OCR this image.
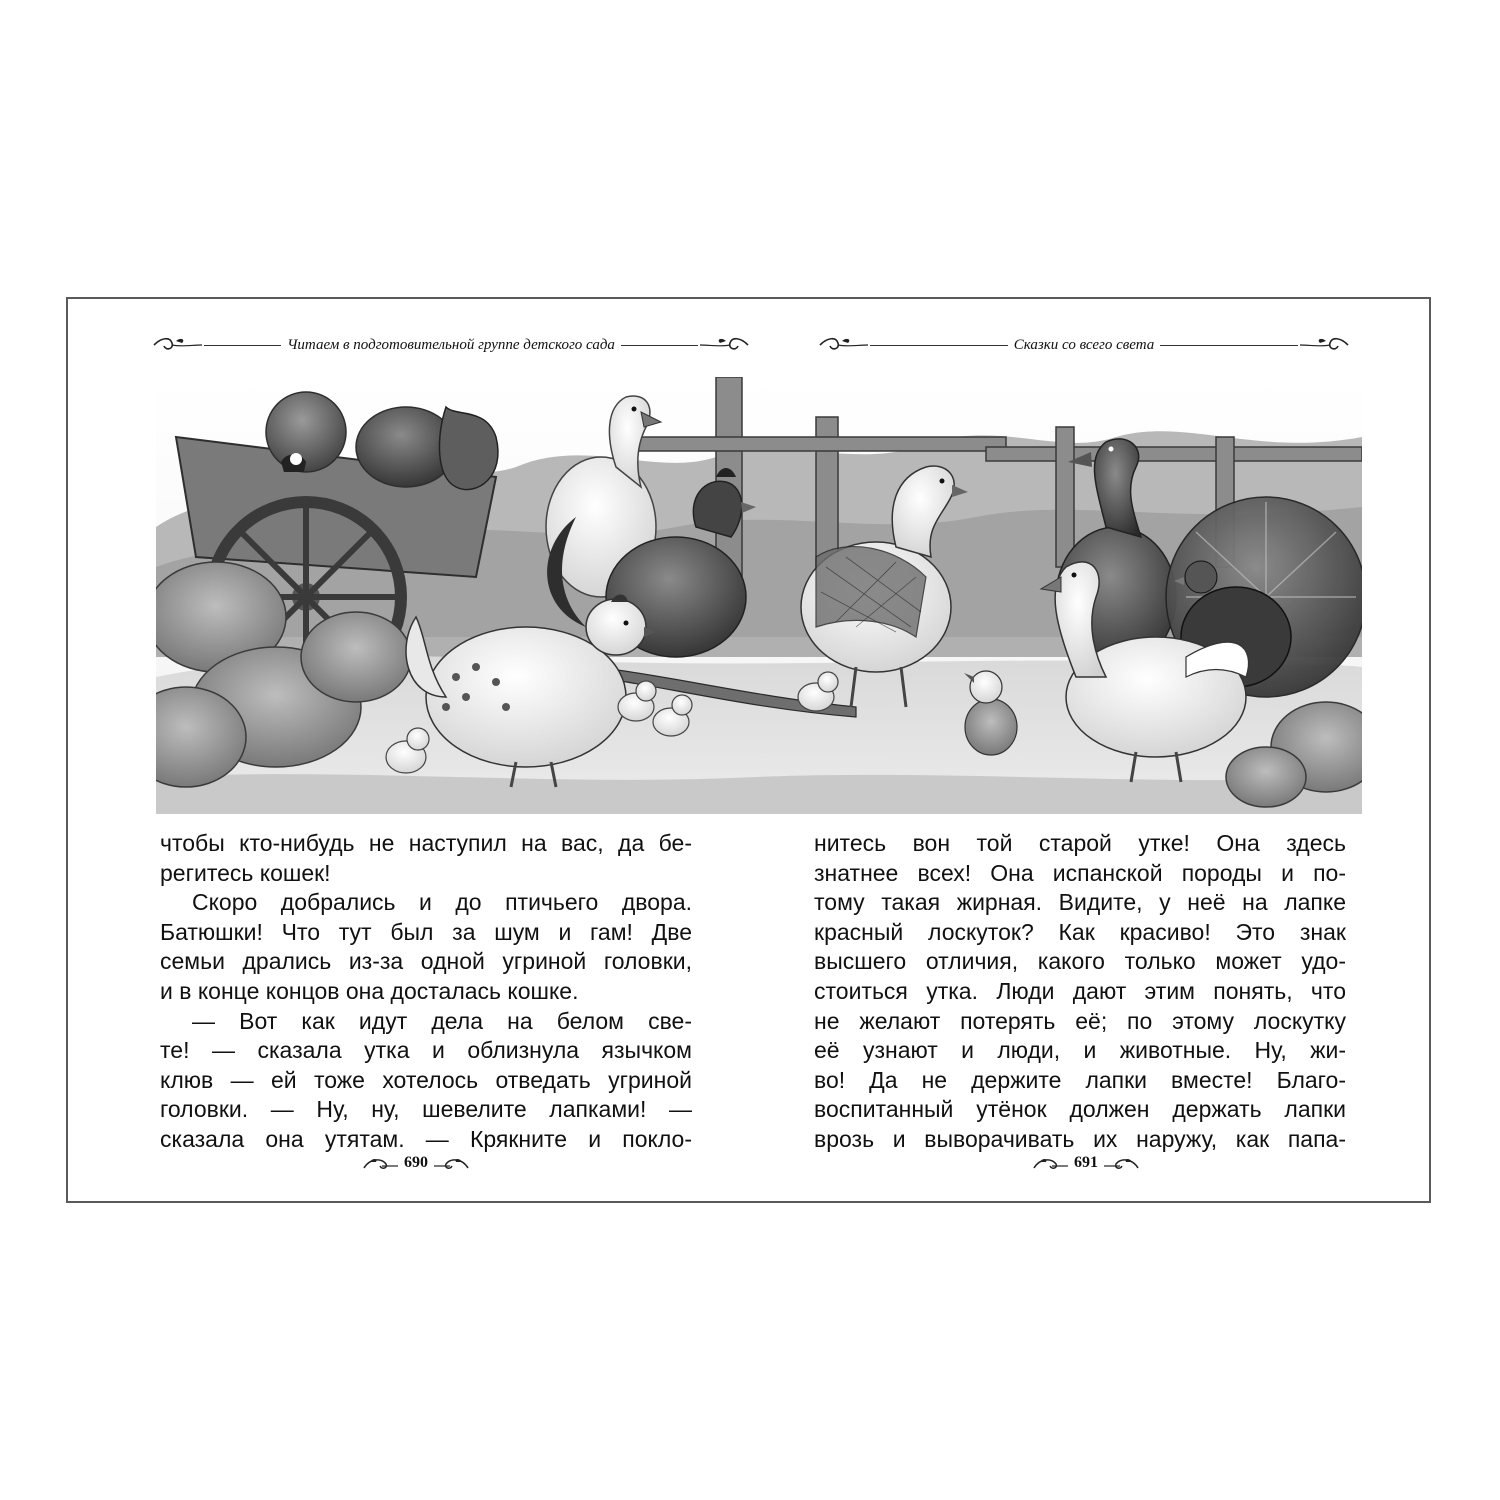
Читаем в подготовительной группе детского сада	Сказки со всего света
чтобы кто-нибудь не наступил на вас, да бе-
регитесь кошек!
Скоро добрались и до птичьего двора.
Батюшки! Что тут был за шум и гам! Две
семьи дрались из-за одной угриной головки,
и в конце концов она досталась кошке.
— Вот как идут дела на белом све-
те! — сказала утка и облизнула язычком
клюв — ей тоже хотелось отведать угриной
головки. — Ну, ну, шевелите лапками! —
сказала она утятам. — Крякните и покло-
нитесь вон той старой утке! Она здесь
знатнее всех! Она испанской породы и по-
тому такая жирная. Видите, у неё на лапке
красный лоскуток? Как красиво! Это знак
высшего отличия, какого только может удо-
стоиться утка. Люди дают этим понять, что
не желают потерять её; по этому лоскутку
её узнают и люди, и животные. Ну, жи-
во! Да не держите лапки вместе! Благо-
воспитанный утёнок должен держать лапки
врозь и выворачивать их наружу, как папа-
690	691
